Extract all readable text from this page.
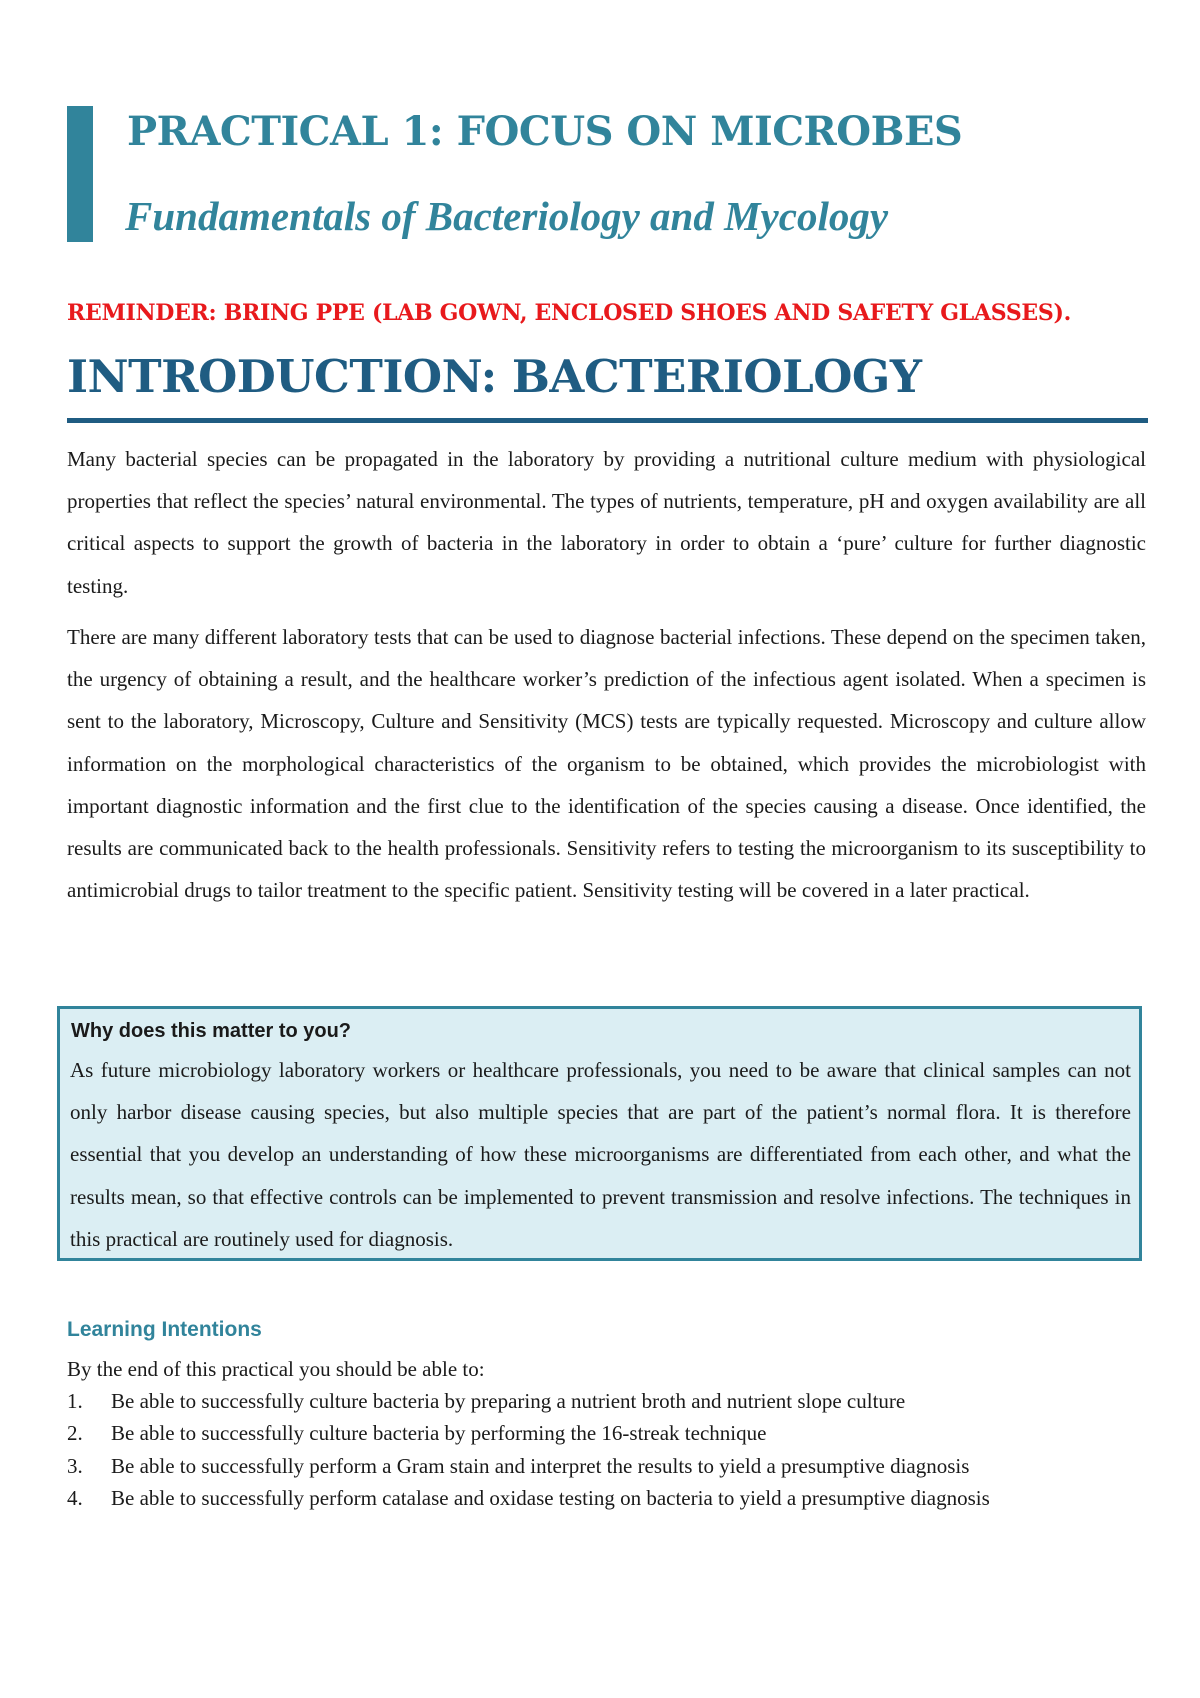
PRACTICAL 1: FOCUS ON MICROBES
Fundamentals of Bacteriology and Mycology

REMINDER: BRING PPE (LAB GOWN, ENCLOSED SHOES AND SAFETY GLASSES).

INTRODUCTION: BACTERIOLOGY

Many bacterial species can be propagated in the laboratory by providing a nutritional culture medium with physiological properties that reflect the species’ natural environmental. The types of nutrients, temperature, pH and oxygen availability are all critical aspects to support the growth of bacteria in the laboratory in order to obtain a ‘pure’ culture for further diagnostic testing.

There are many different laboratory tests that can be used to diagnose bacterial infections. These depend on the specimen taken, the urgency of obtaining a result, and the healthcare worker’s prediction of the infectious agent isolated. When a specimen is sent to the laboratory, Microscopy, Culture and Sensitivity (MCS) tests are typically requested. Microscopy and culture allow information on the morphological characteristics of the organism to be obtained, which provides the microbiologist with important diagnostic information and the first clue to the identification of the species causing a disease. Once identified, the results are communicated back to the health professionals. Sensitivity refers to testing the microorganism to its susceptibility to antimicrobial drugs to tailor treatment to the specific patient. Sensitivity testing will be covered in a later practical.

Why does this matter to you?

As future microbiology laboratory workers or healthcare professionals, you need to be aware that clinical samples can not only harbor disease causing species, but also multiple species that are part of the patient’s normal flora. It is therefore essential that you develop an understanding of how these microorganisms are differentiated from each other, and what the results mean, so that effective controls can be implemented to prevent transmission and resolve infections. The techniques in this practical are routinely used for diagnosis.

Learning Intentions

By the end of this practical you should be able to:

1.	Be able to successfully culture bacteria by preparing a nutrient broth and nutrient slope culture
2.	Be able to successfully culture bacteria by performing the 16-streak technique
3.	Be able to successfully perform a Gram stain and interpret the results to yield a presumptive diagnosis
4.	Be able to successfully perform catalase and oxidase testing on bacteria to yield a presumptive diagnosis
